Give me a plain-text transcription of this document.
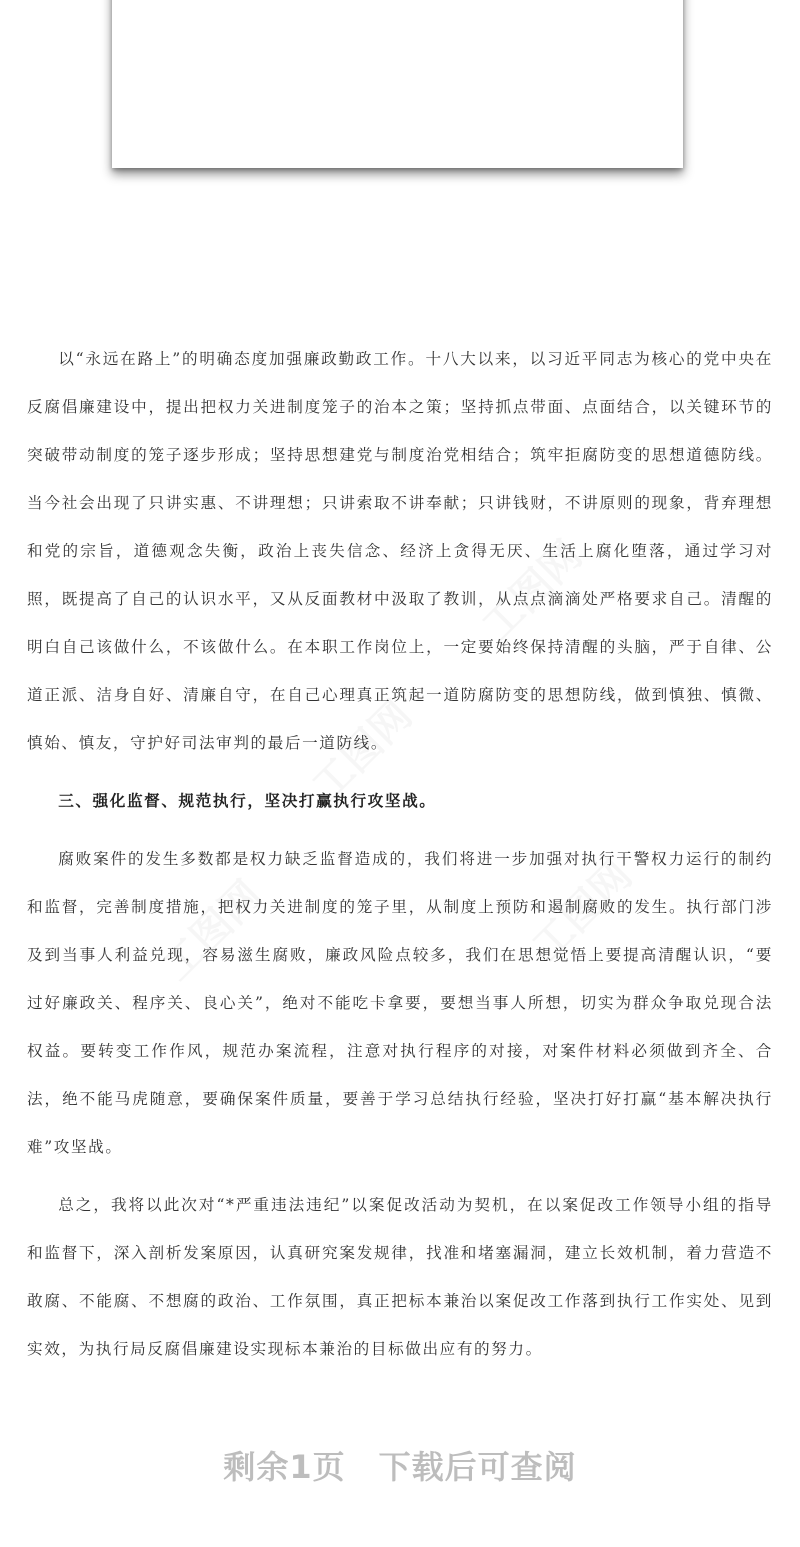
以“永远在路上”的明确态度加强廉政勤政工作。十八大以来，以习近平同志为核心的党中央在反腐倡廉建设中，提出把权力关进制度笼子的治本之策；坚持抓点带面、点面结合，以关键环节的突破带动制度的笼子逐步形成；坚持思想建党与制度治党相结合；筑牢拒腐防变的思想道德防线。当今社会出现了只讲实惠、不讲理想；只讲索取不讲奉献；只讲钱财，不讲原则的现象，背弃理想和党的宗旨，道德观念失衡，政治上丧失信念、经济上贪得无厌、生活上腐化堕落，通过学习对照，既提高了自己的认识水平，又从反面教材中汲取了教训，从点点滴滴处严格要求自己。清醒的明白自己该做什么，不该做什么。在本职工作岗位上，一定要始终保持清醒的头脑，严于自律、公道正派、洁身自好、清廉自守，在自己心理真正筑起一道防腐防变的思想防线，做到慎独、慎微、慎始、慎友，守护好司法审判的最后一道防线。

三、强化监督、规范执行，坚决打赢执行攻坚战。

腐败案件的发生多数都是权力缺乏监督造成的，我们将进一步加强对执行干警权力运行的制约和监督，完善制度措施，把权力关进制度的笼子里，从制度上预防和遏制腐败的发生。执行部门涉及到当事人利益兑现，容易滋生腐败，廉政风险点较多，我们在思想觉悟上要提高清醒认识，“要过好廉政关、程序关、良心关”，绝对不能吃卡拿要，要想当事人所想，切实为群众争取兑现合法权益。要转变工作作风，规范办案流程，注意对执行程序的对接，对案件材料必须做到齐全、合法，绝不能马虎随意，要确保案件质量，要善于学习总结执行经验，坚决打好打赢“基本解决执行难”攻坚战。

总之，我将以此次对“*严重违法违纪”以案促改活动为契机，在以案促改工作领导小组的指导和监督下，深入剖析发案原因，认真研究案发规律，找准和堵塞漏洞，建立长效机制，着力营造不敢腐、不能腐、不想腐的政治、工作氛围，真正把标本兼治以案促改工作落到执行工作实处、见到实效，为执行局反腐倡廉建设实现标本兼治的目标做出应有的努力。

剩余1页　下载后可查阅
